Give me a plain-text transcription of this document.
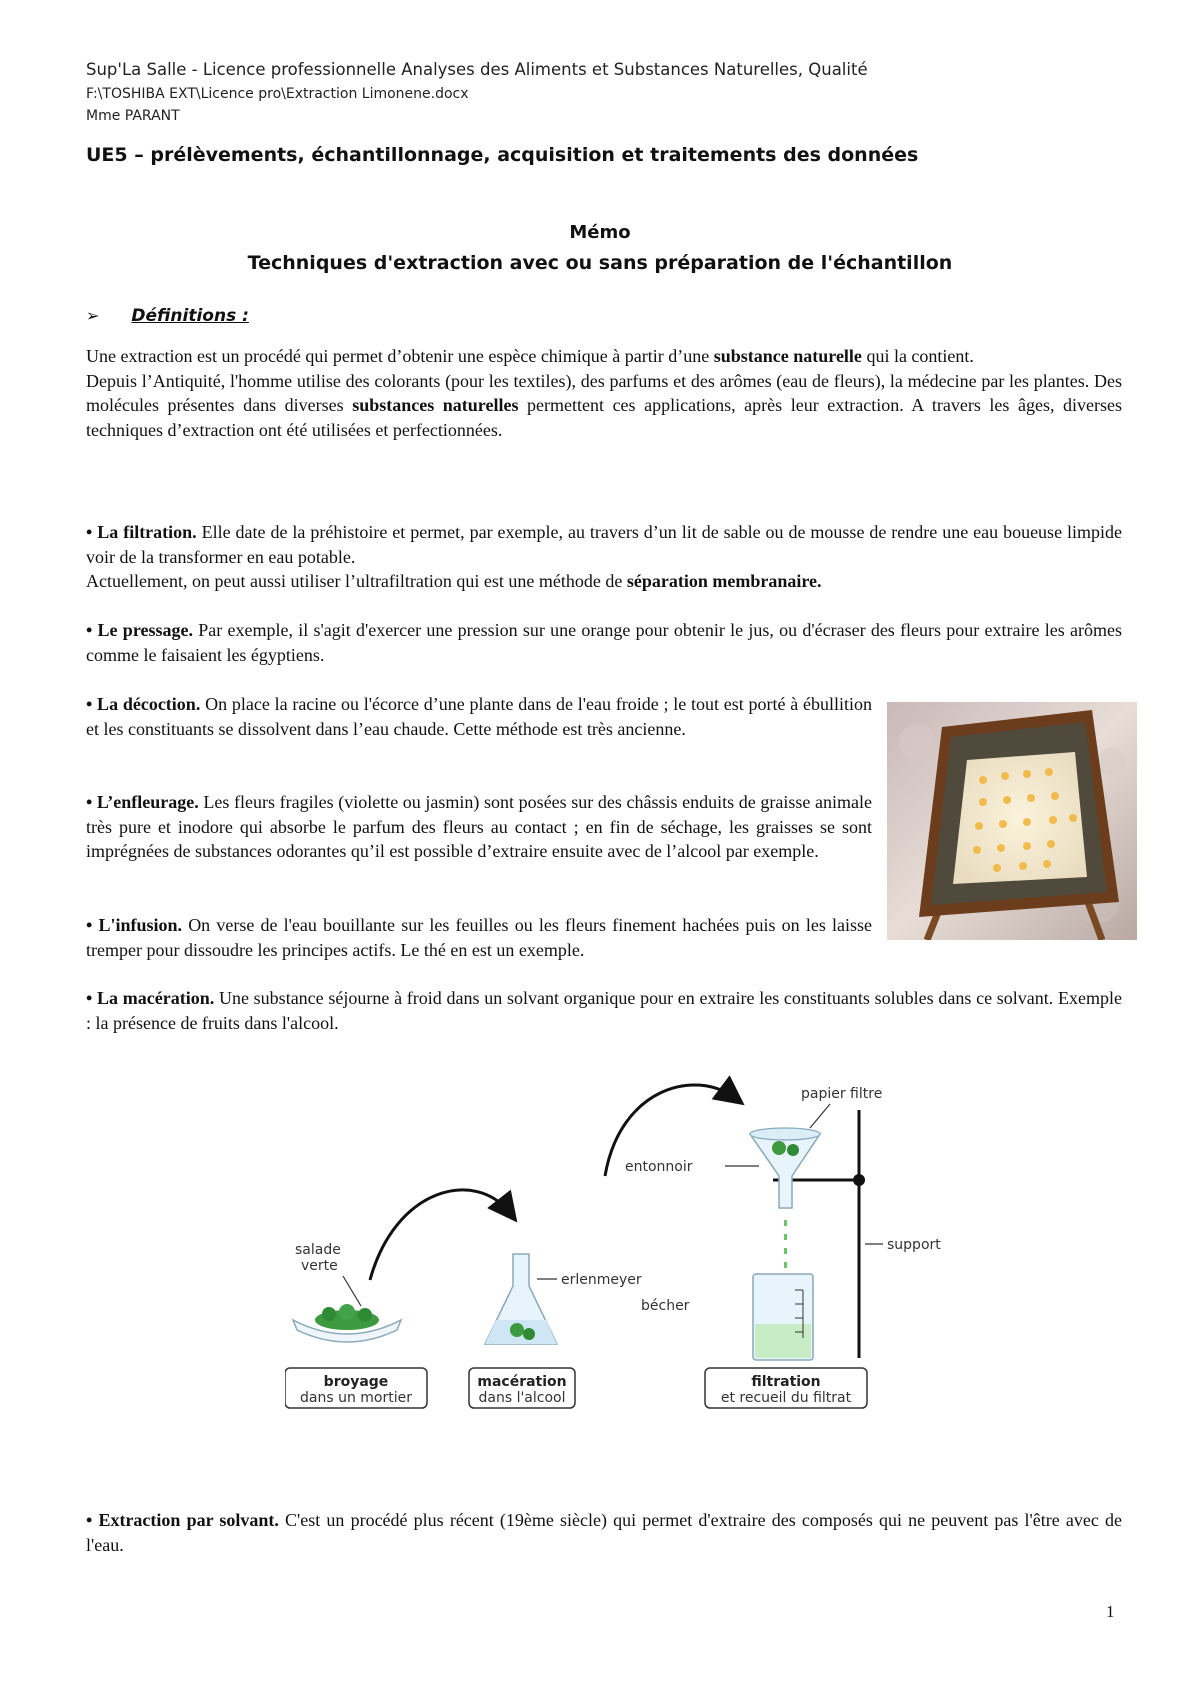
Sup'La Salle - Licence professionnelle Analyses des Aliments et Substances Naturelles, Qualité
F:\TOSHIBA EXT\Licence pro\Extraction Limonene.docx
Mme PARANT
UE5 – prélèvements, échantillonnage, acquisition et traitements des données
Mémo
Techniques d'extraction avec ou sans préparation de l'échantillon
➢ Définitions :
Une extraction est un procédé qui permet d’obtenir une espèce chimique à partir d’une substance naturelle qui la contient.
Depuis l’Antiquité, l'homme utilise des colorants (pour les textiles), des parfums et des arômes (eau de fleurs), la médecine par les plantes. Des molécules présentes dans diverses substances naturelles permettent ces applications, après leur extraction. A travers les âges, diverses techniques d’extraction ont été utilisées et perfectionnées.
• La filtration. Elle date de la préhistoire et permet, par exemple, au travers d’un lit de sable ou de mousse de rendre une eau boueuse limpide voir de la transformer en eau potable.
Actuellement, on peut aussi utiliser l’ultrafiltration qui est une méthode de séparation membranaire.
• Le pressage. Par exemple, il s'agit d'exercer une pression sur une orange pour obtenir le jus, ou d'écraser des fleurs pour extraire les arômes comme le faisaient les égyptiens.
• La décoction. On place la racine ou l'écorce d’une plante dans de l'eau froide ; le tout est porté à ébullition et les constituants se dissolvent dans l’eau chaude. Cette méthode est très ancienne.
• L’enfleurage. Les fleurs fragiles (violette ou jasmin) sont posées sur des châssis enduits de graisse animale très pure et inodore qui absorbe le parfum des fleurs au contact ; en fin de séchage, les graisses se sont imprégnées de substances odorantes qu’il est possible d’extraire ensuite avec de l’alcool par exemple.
• L'infusion. On verse de l'eau bouillante sur les feuilles ou les fleurs finement hachées puis on les laisse tremper pour dissoudre les principes actifs. Le thé en est un exemple.
• La macération. Une substance séjourne à froid dans un solvant organique pour en extraire les constituants solubles dans ce solvant. Exemple : la présence de fruits dans l'alcool.
salade
verte
erlenmeyer
support
entonnoir
papier filtre
bécher
broyage
dans un mortier
macération
dans l'alcool
filtration
et recueil du filtrat
• Extraction par solvant. C'est un procédé plus récent (19ème siècle) qui permet d'extraire des composés qui ne peuvent pas l'être avec de l'eau.
1
